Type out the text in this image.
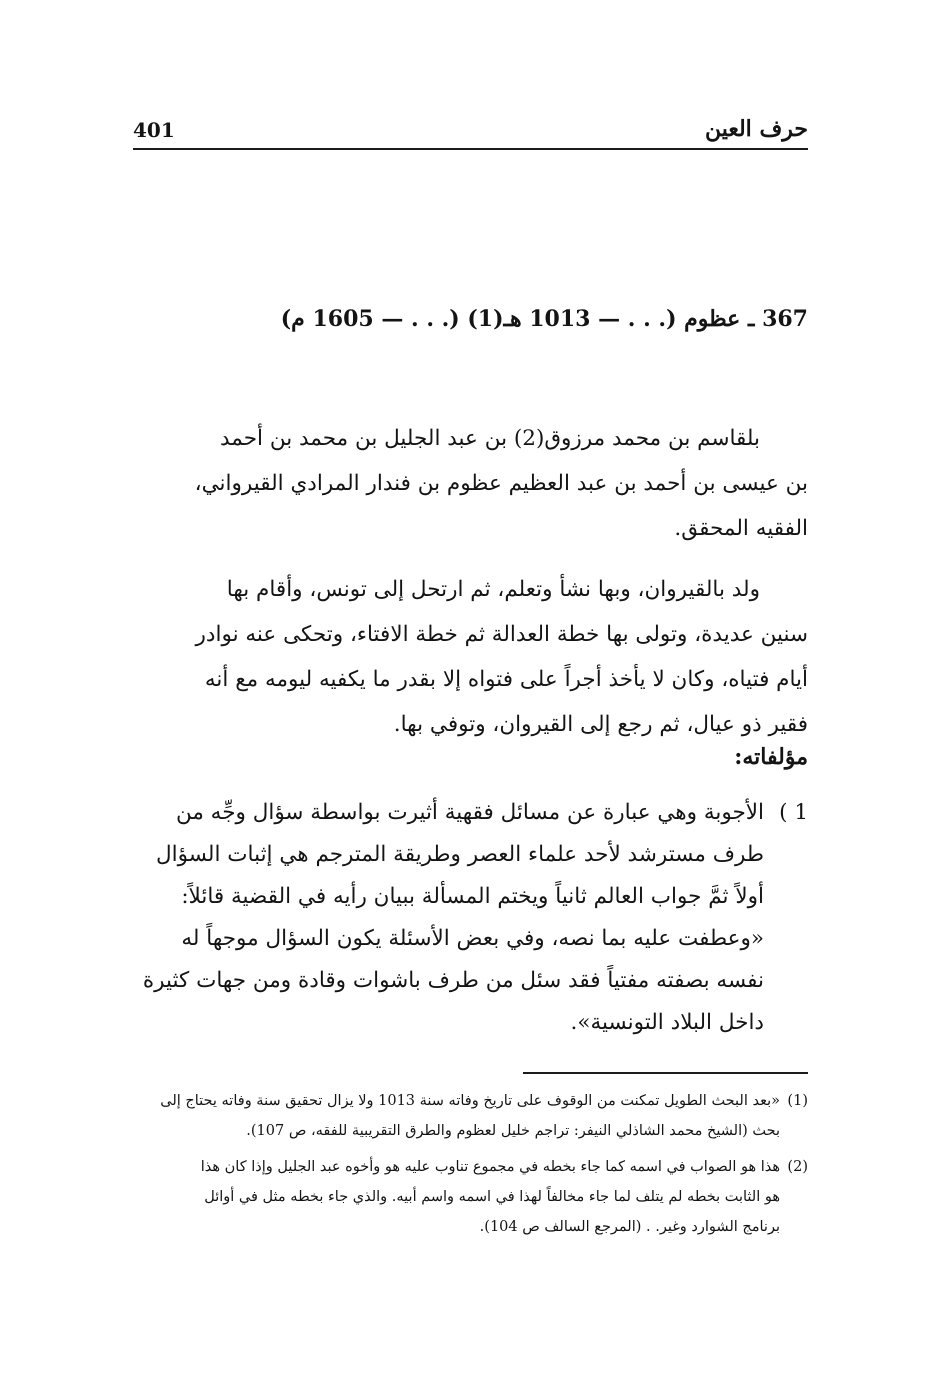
حرف العين
401
367 ـ عظوم (. . . — 1013 هـ(1) (. . . — 1605 م)
بلقاسم بن محمد مرزوق(2) بن عبد الجليل بن محمد بن أحمد
بن عيسى بن أحمد بن عبد العظيم عظوم بن فندار المرادي القيرواني،
الفقيه المحقق.
ولد بالقيروان، وبها نشأ وتعلم، ثم ارتحل إلى تونس، وأقام بها
سنين عديدة، وتولى بها خطة العدالة ثم خطة الافتاء، وتحكى عنه نوادر
أيام فتياه، وكان لا يأخذ أجراً على فتواه إلا بقدر ما يكفيه ليومه مع أنه
فقير ذو عيال، ثم رجع إلى القيروان، وتوفي بها.
مؤلفاته:
1 )
الأجوبة وهي عبارة عن مسائل فقهية أثيرت بواسطة سؤال وجِّه من
طرف مسترشد لأحد علماء العصر وطريقة المترجم هي إثبات السؤال
أولاً ثمَّ جواب العالم ثانياً ويختم المسألة ببيان رأيه في القضية قائلاً:
«وعطفت عليه بما نصه، وفي بعض الأسئلة يكون السؤال موجهاً له
نفسه بصفته مفتياً فقد سئل من طرف باشوات وقادة ومن جهات كثيرة
داخل البلاد التونسية».
(1)
«بعد البحث الطويل تمكنت من الوقوف على تاريخ وفاته سنة 1013 ولا يزال تحقيق سنة وفاته يحتاج إلى
بحث (الشيخ محمد الشاذلي النيفر: تراجم خليل لعظوم والطرق التقريبية للفقه، ص 107).
(2)
هذا هو الصواب في اسمه كما جاء بخطه في مجموع تناوب عليه هو وأخوه عبد الجليل وإذا كان هذا
هو الثابت بخطه لم يتلف لما جاء مخالفاً لهذا في اسمه واسم أبيه. والذي جاء بخطه مثل في أوائل
برنامج الشوارد وغير. . (المرجع السالف ص 104).
